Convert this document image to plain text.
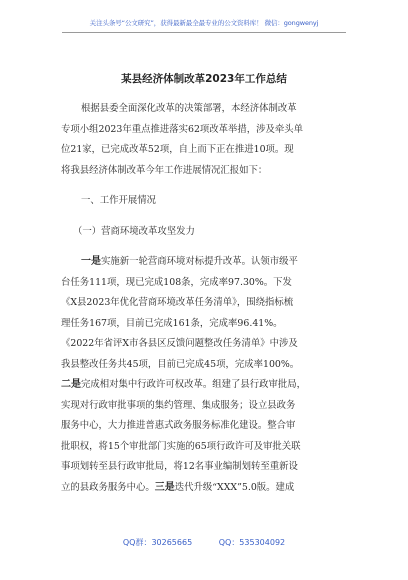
关注头条号“公文研究”，获得最新最全最专业的公文资料库！ 微信：gongwenyj
某县经济体制改革2023年工作总结
根据县委全面深化改革的决策部署，本经济体制改革
专项小组2023年重点推进落实62项改革举措，涉及牵头单
位21家，已完成改革52项，自上而下正在推进10项。现
将我县经济体制改革今年工作进展情况汇报如下：
一、工作开展情况
（一）营商环境改革攻坚发力
一是实施新一轮营商环境对标提升改革。认领市级平
台任务111项，现已完成108条，完成率97.30%。下发
《X县2023年优化营商环境改革任务清单》，围绕指标梳
理任务167项，目前已完成161条，完成率96.41%。
《2022年省评X市各县区反馈问题整改任务清单》中涉及
我县整改任务共45项，目前已完成45项，完成率100%。
二是完成相对集中行政许可权改革。组建了县行政审批局，
实现对行政审批事项的集约管理、集成服务；设立县政务
服务中心，大力推进普惠式政务服务标准化建设。整合审
批职权，将15个审批部门实施的65项行政许可及审批关联
事项划转至县行政审批局，将12名事业编制划转至重新设
立的县政务服务中心。三是迭代升级“XXX”5.0版。建成
QQ群：30265665	QQ：535304092
